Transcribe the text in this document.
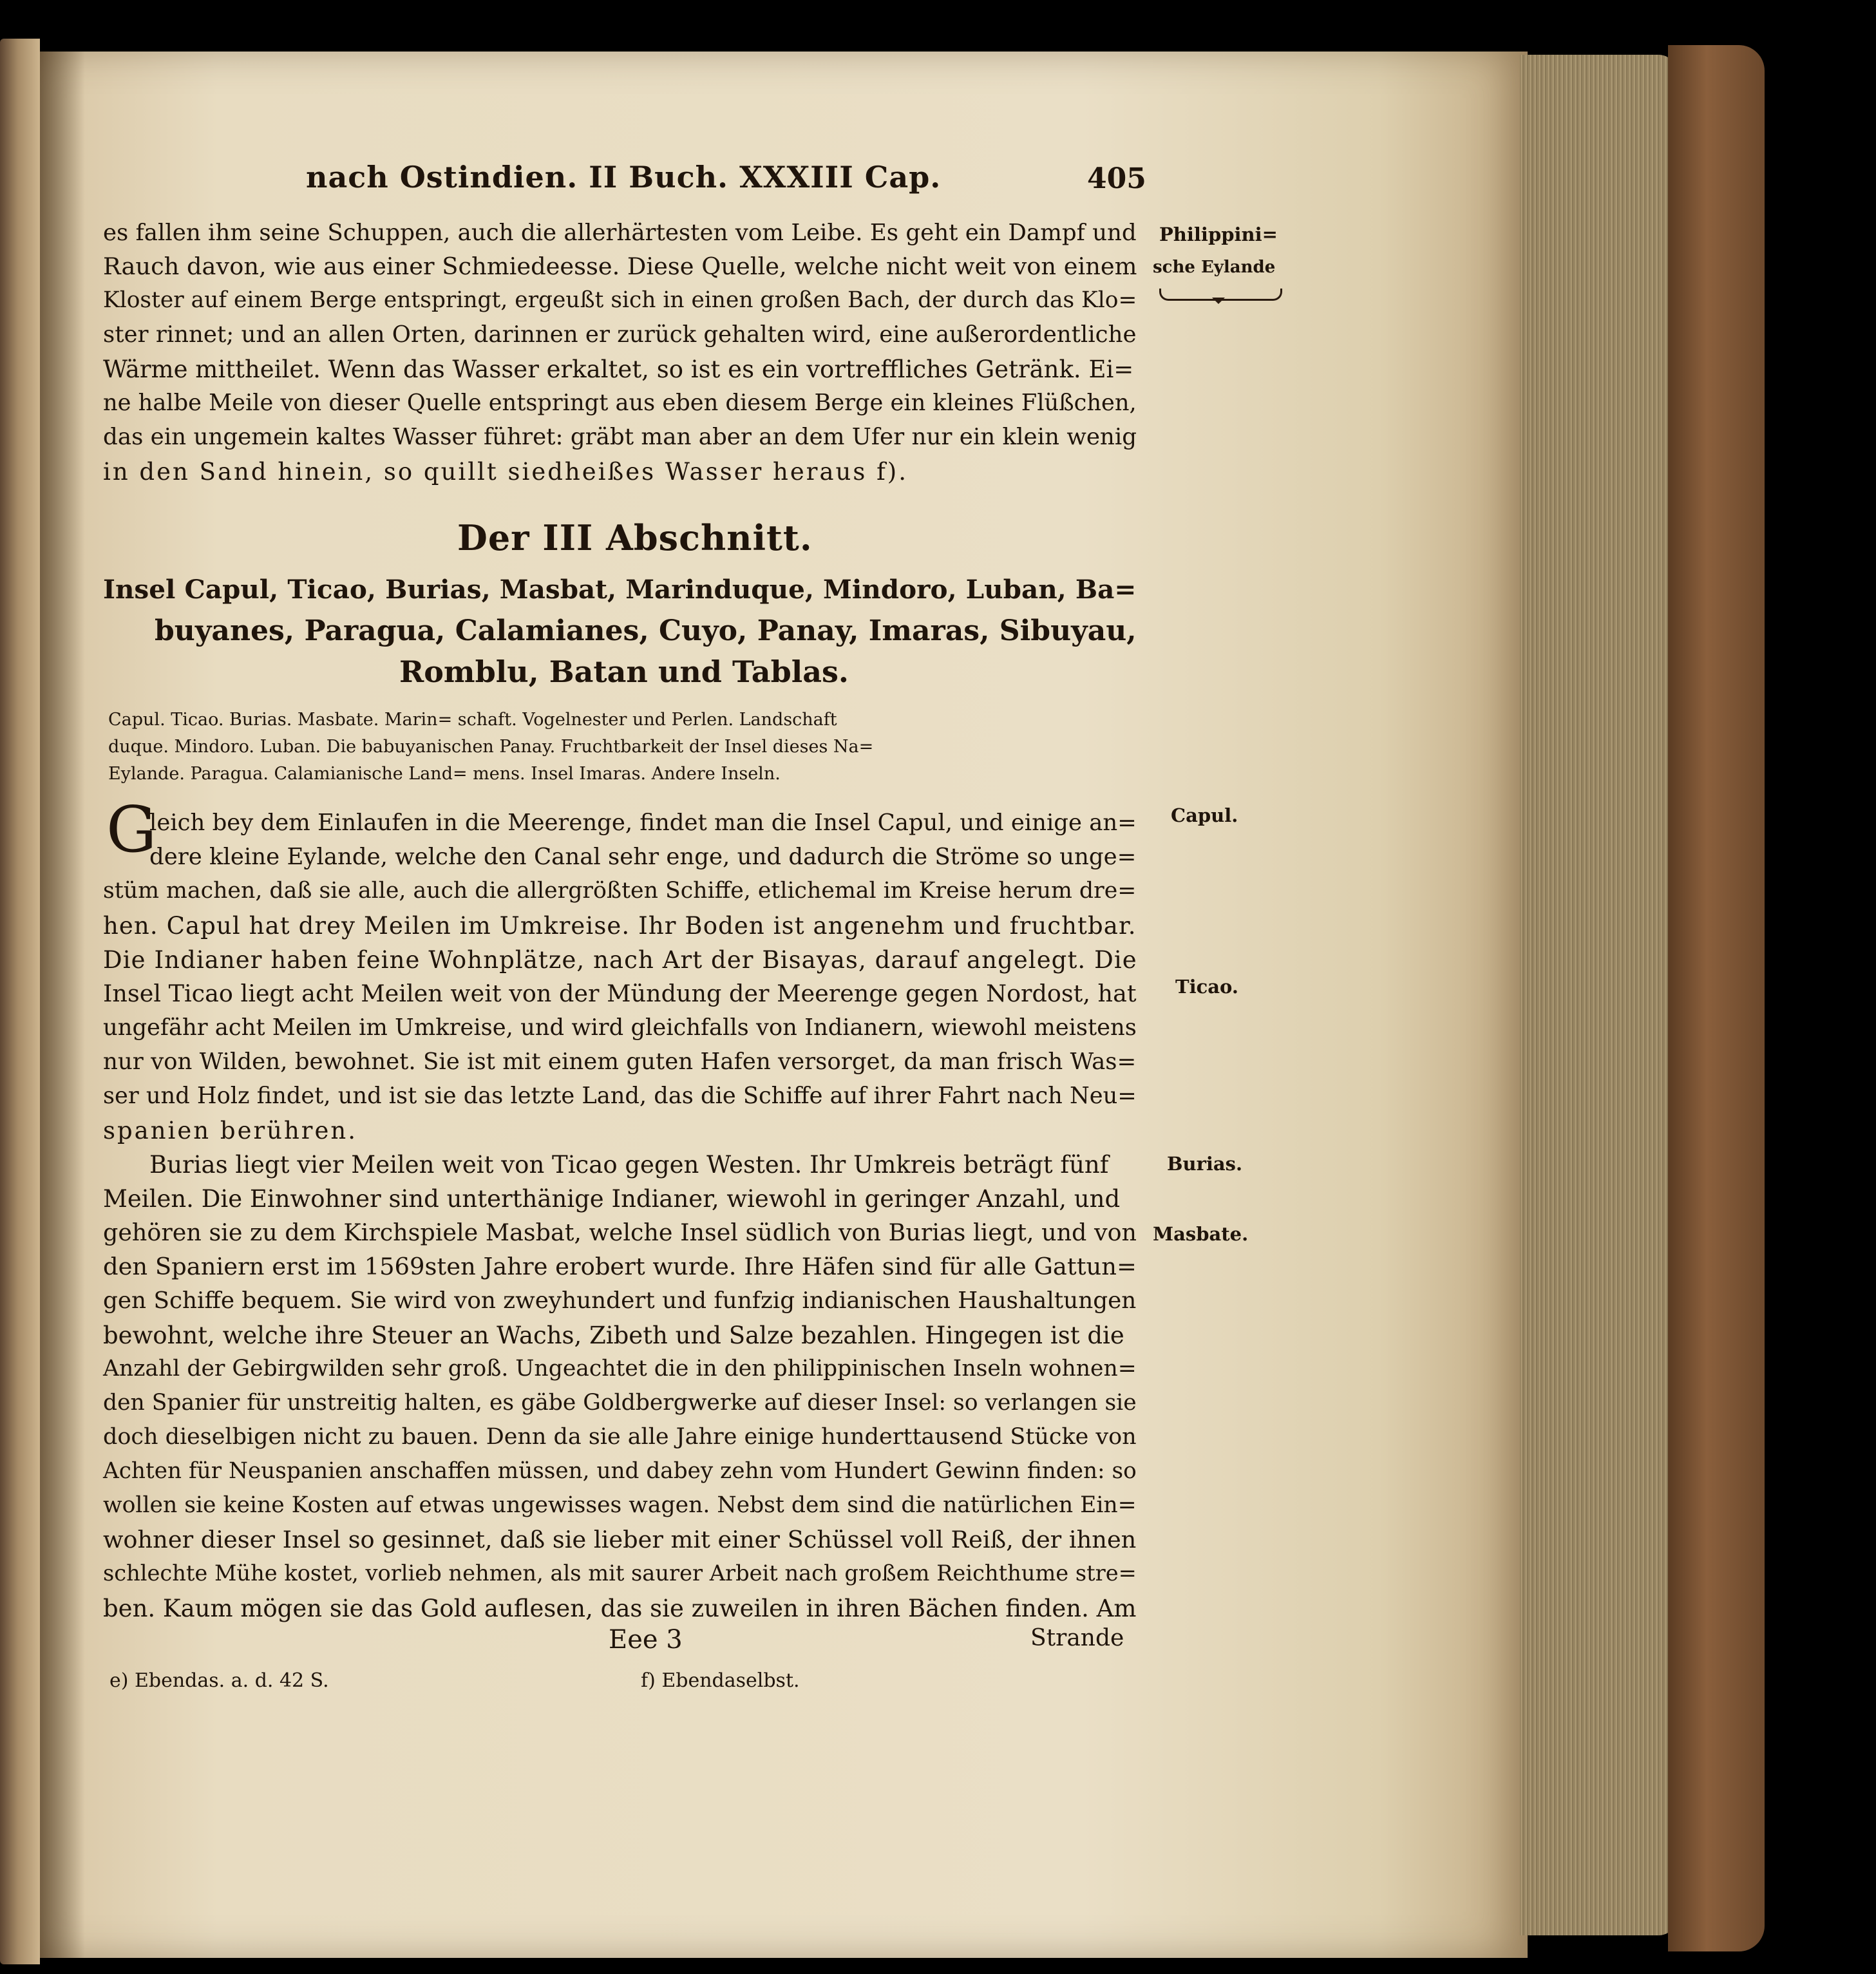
nach Ostindien. II Buch. XXXIII Cap.	405
Philippini=
sche Eylande
Capul.
Ticao.
Burias.
Masbate.
es fallen ihm seine Schuppen, auch die allerhärtesten vom Leibe. Es geht ein Dampf und
Rauch davon, wie aus einer Schmiedeesse. Diese Quelle, welche nicht weit von einem
Kloster auf einem Berge entspringt, ergeußt sich in einen großen Bach, der durch das Klo=
ster rinnet; und an allen Orten, darinnen er zurück gehalten wird, eine außerordentliche
Wärme mittheilet. Wenn das Wasser erkaltet, so ist es ein vortreffliches Getränk. Ei=
ne halbe Meile von dieser Quelle entspringt aus eben diesem Berge ein kleines Flüßchen,
das ein ungemein kaltes Wasser führet: gräbt man aber an dem Ufer nur ein klein wenig
in den Sand hinein, so quillt siedheißes Wasser heraus f).
Der III Abschnitt.
Insel Capul, Ticao, Burias, Masbat, Marinduque, Mindoro, Luban, Ba=
buyanes, Paragua, Calamianes, Cuyo, Panay, Imaras, Sibuyau,
Romblu, Batan und Tablas.
Capul. Ticao. Burias. Masbate. Marin= schaft. Vogelnester und Perlen. Landschaft
duque. Mindoro. Luban. Die babuyanischen Panay. Fruchtbarkeit der Insel dieses Na=
Eylande. Paragua. Calamianische Land= mens. Insel Imaras. Andere Inseln.
G
leich bey dem Einlaufen in die Meerenge, findet man die Insel Capul, und einige an=
dere kleine Eylande, welche den Canal sehr enge, und dadurch die Ströme so unge=
stüm machen, daß sie alle, auch die allergrößten Schiffe, etlichemal im Kreise herum dre=
hen. Capul hat drey Meilen im Umkreise. Ihr Boden ist angenehm und fruchtbar.
Die Indianer haben feine Wohnplätze, nach Art der Bisayas, darauf angelegt. Die
Insel Ticao liegt acht Meilen weit von der Mündung der Meerenge gegen Nordost, hat
ungefähr acht Meilen im Umkreise, und wird gleichfalls von Indianern, wiewohl meistens
nur von Wilden, bewohnet. Sie ist mit einem guten Hafen versorget, da man frisch Was=
ser und Holz findet, und ist sie das letzte Land, das die Schiffe auf ihrer Fahrt nach Neu=
spanien berühren.
Burias liegt vier Meilen weit von Ticao gegen Westen. Ihr Umkreis beträgt fünf
Meilen. Die Einwohner sind unterthänige Indianer, wiewohl in geringer Anzahl, und
gehören sie zu dem Kirchspiele Masbat, welche Insel südlich von Burias liegt, und von
den Spaniern erst im 1569sten Jahre erobert wurde. Ihre Häfen sind für alle Gattun=
gen Schiffe bequem. Sie wird von zweyhundert und funfzig indianischen Haushaltungen
bewohnt, welche ihre Steuer an Wachs, Zibeth und Salze bezahlen. Hingegen ist die
Anzahl der Gebirgwilden sehr groß. Ungeachtet die in den philippinischen Inseln wohnen=
den Spanier für unstreitig halten, es gäbe Goldbergwerke auf dieser Insel: so verlangen sie
doch dieselbigen nicht zu bauen. Denn da sie alle Jahre einige hunderttausend Stücke von
Achten für Neuspanien anschaffen müssen, und dabey zehn vom Hundert Gewinn finden: so
wollen sie keine Kosten auf etwas ungewisses wagen. Nebst dem sind die natürlichen Ein=
wohner dieser Insel so gesinnet, daß sie lieber mit einer Schüssel voll Reiß, der ihnen
schlechte Mühe kostet, vorlieb nehmen, als mit saurer Arbeit nach großem Reichthume stre=
ben. Kaum mögen sie das Gold auflesen, das sie zuweilen in ihren Bächen finden. Am
Eee 3	Strande
e) Ebendas. a. d. 42 S.	f) Ebendaselbst.
